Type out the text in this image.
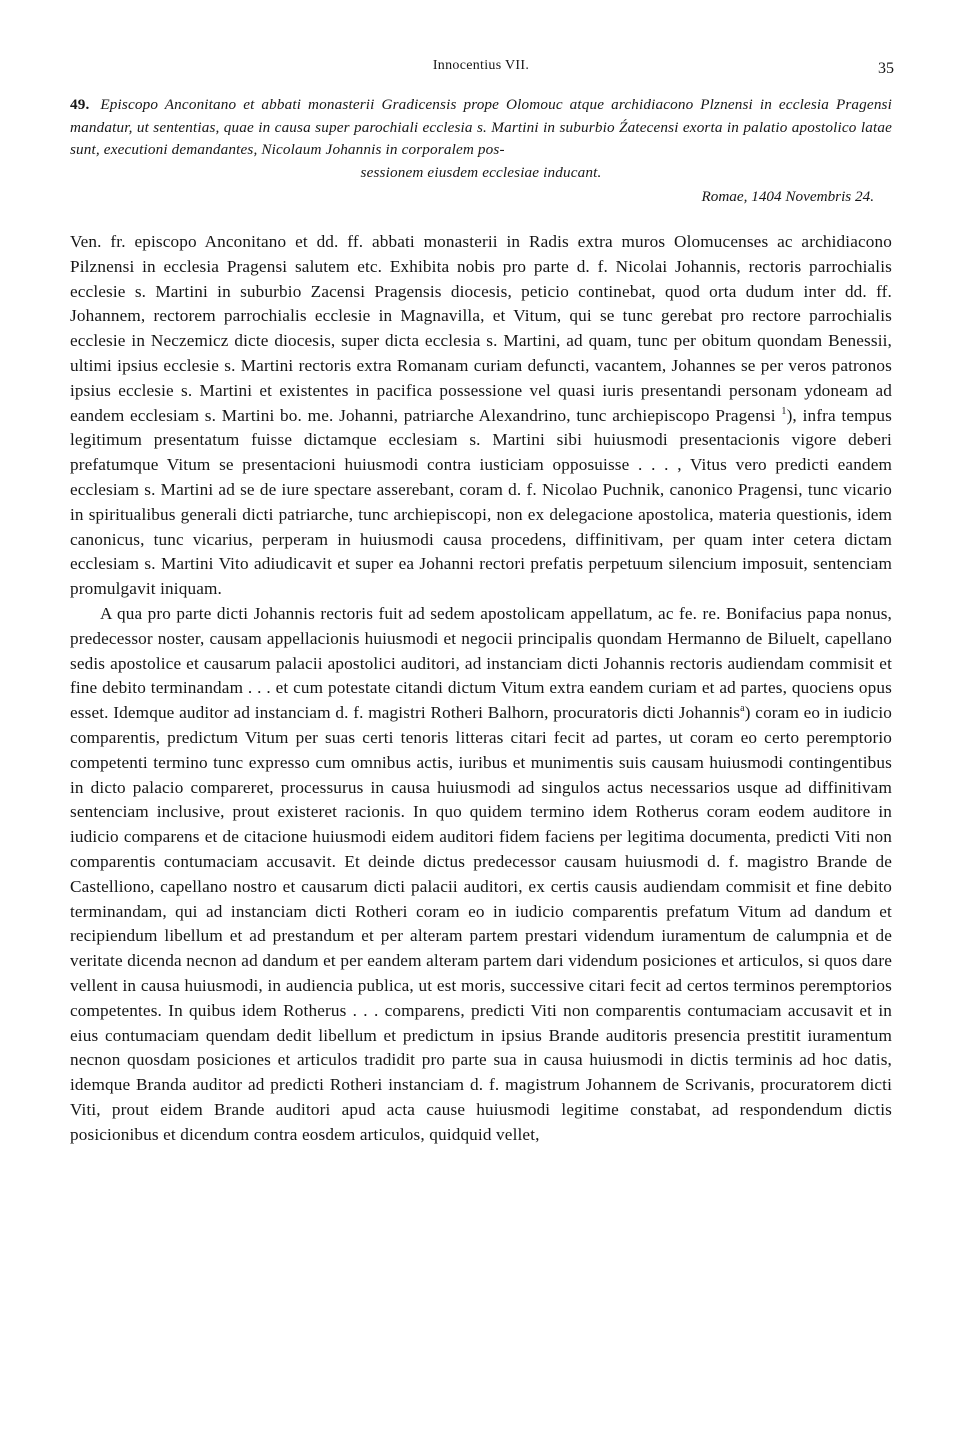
Innocentius VII.	35
49. Episcopo Anconitano et abbati monasterii Gradicensis prope Olomouc atque archidiacono Plznensi in ecclesia Pragensi mandatur, ut sententias, quae in causa super parochiali ecclesia s. Martini in suburbio Źatecensi exorta in palatio apostolico latae sunt, executioni demandantes, Nicolaum Johannis in corporalem pos-
sessionem eiusdem ecclesiae inducant.
Romae, 1404 Novembris 24.

Ven. fr. episcopo Anconitano et dd. ff. abbati monasterii in Radis extra muros Olomucenses ac archidiacono Pilznensi in ecclesia Pragensi salutem etc. Exhibita nobis pro parte d. f. Nicolai Johannis, rectoris parrochialis ecclesie s. Martini in suburbio Zacensi Pragensis diocesis, peticio continebat, quod orta dudum inter dd. ff. Johannem, rectorem parrochialis ecclesie in Magnavilla, et Vitum, qui se tunc gerebat pro rectore parrochialis ecclesie in Neczemicz dicte diocesis, super dicta ecclesia s. Martini, ad quam, tunc per obitum quondam Benessii, ultimi ipsius ecclesie s. Martini rectoris extra Romanam curiam defuncti, vacantem, Johannes se per veros patronos ipsius ecclesie s. Martini et existentes in pacifica possessione vel quasi iuris presentandi personam ydoneam ad eandem ecclesiam s. Martini bo. me. Johanni, patriarche Alexandrino, tunc archiepiscopo Pragensi $^1$), infra tempus legitimum presentatum fuisse dictamque ecclesiam s. Martini sibi huiusmodi presentacionis vigore deberi prefatumque Vitum se presentacioni huiusmodi contra iusticiam opposuisse . . . , Vitus vero predicti eandem ecclesiam s. Martini ad se de iure spectare asserebant, coram d. f. Nicolao Puchnik, canonico Pragensi, tunc vicario in spiritualibus generali dicti patriarche, tunc archiepiscopi, non ex delegacione apostolica, materia questionis, idem canonicus, tunc vicarius, perperam in huiusmodi causa procedens, diffinitivam, per quam inter cetera dictam ecclesiam s. Martini Vito adiudicavit et super ea Johanni rectori prefatis perpetuum silencium imposuit, sentenciam promulgavit iniquam.

A qua pro parte dicti Johannis rectoris fuit ad sedem apostolicam appellatum, ac fe. re. Bonifacius papa nonus, predecessor noster, causam appellacionis huiusmodi et negocii principalis quondam Hermanno de Biluelt, capellano sedis apostolice et causarum palacii apostolici auditori, ad instanciam dicti Johannis rectoris audiendam commisit et fine debito terminandam . . . et cum potestate citandi dictum Vitum extra eandem curiam et ad partes, quociens opus esset. Idemque auditor ad instanciam d. f. magistri Rotheri Balhorn, procuratoris dicti Johannis$^a$) coram eo in iudicio comparentis, predictum Vitum per suas certi tenoris litteras citari fecit ad partes, ut coram eo certo peremptorio competenti termino tunc expresso cum omnibus actis, iuribus et munimentis suis causam huiusmodi contingentibus in dicto palacio compareret, processurus in causa huiusmodi ad singulos actus necessarios usque ad diffinitivam sentenciam inclusive, prout existeret racionis. In quo quidem termino idem Rotherus coram eodem auditore in iudicio comparens et de citacione huiusmodi eidem auditori fidem faciens per legitima documenta, predicti Viti non comparentis contumaciam accusavit. Et deinde dictus predecessor causam huiusmodi d. f. magistro Brande de Castelliono, capellano nostro et causarum dicti palacii auditori, ex certis causis audiendam commisit et fine debito terminandam, qui ad instanciam dicti Rotheri coram eo in iudicio comparentis prefatum Vitum ad dandum et recipiendum libellum et ad prestandum et per alteram partem prestari videndum iuramentum de calumpnia et de veritate dicenda necnon ad dandum et per eandem alteram partem dari videndum posiciones et articulos, si quos dare vellent in causa huiusmodi, in audiencia publica, ut est moris, successive citari fecit ad certos terminos peremptorios competentes. In quibus idem Rotherus . . . comparens, predicti Viti non comparentis contumaciam accusavit et in eius contumaciam quendam dedit libellum et predictum in ipsius Brande auditoris presencia prestitit iuramentum necnon quosdam posiciones et articulos tradidit pro parte sua in causa huiusmodi in dictis terminis ad hoc datis, idemque Branda auditor ad predicti Rotheri instanciam d. f. magistrum Johannem de Scrivanis, procuratorem dicti Viti, prout eidem Brande auditori apud acta cause huiusmodi legitime constabat, ad respondendum dictis posicionibus et dicendum contra eosdem articulos, quidquid vellet,
